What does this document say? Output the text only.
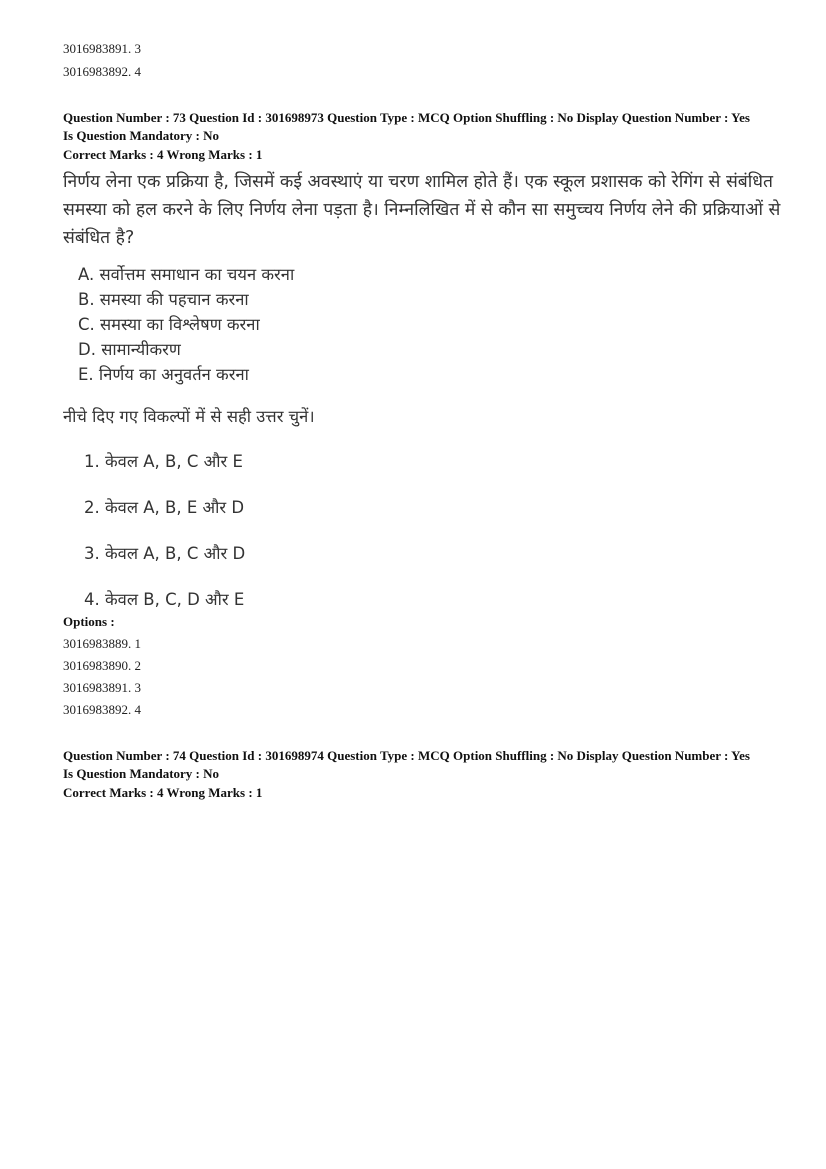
3016983891. 3
3016983892. 4
Question Number : 73 Question Id : 301698973 Question Type : MCQ Option Shuffling : No Display Question Number : Yes Is Question Mandatory : No
Correct Marks : 4 Wrong Marks : 1
निर्णय लेना एक प्रक्रिया है, जिसमें कई अवस्थाएं या चरण शामिल होते हैं। एक स्कूल प्रशासक को रेगिंग से संबंधित समस्या को हल करने के लिए निर्णय लेना पड़ता है। निम्नलिखित में से कौन सा समुच्चय निर्णय लेने की प्रक्रियाओं से संबंधित है?
A. सर्वोत्तम समाधान का चयन करना
B. समस्या की पहचान करना
C. समस्या का विश्लेषण करना
D. सामान्यीकरण
E. निर्णय का अनुवर्तन करना
नीचे दिए गए विकल्पों में से सही उत्तर चुनें।
1. केवल A, B, C और E
2. केवल A, B, E और D
3. केवल A, B, C और D
4. केवल B, C, D और E
Options :
3016983889. 1
3016983890. 2
3016983891. 3
3016983892. 4
Question Number : 74 Question Id : 301698974 Question Type : MCQ Option Shuffling : No Display Question Number : Yes Is Question Mandatory : No
Correct Marks : 4 Wrong Marks : 1
